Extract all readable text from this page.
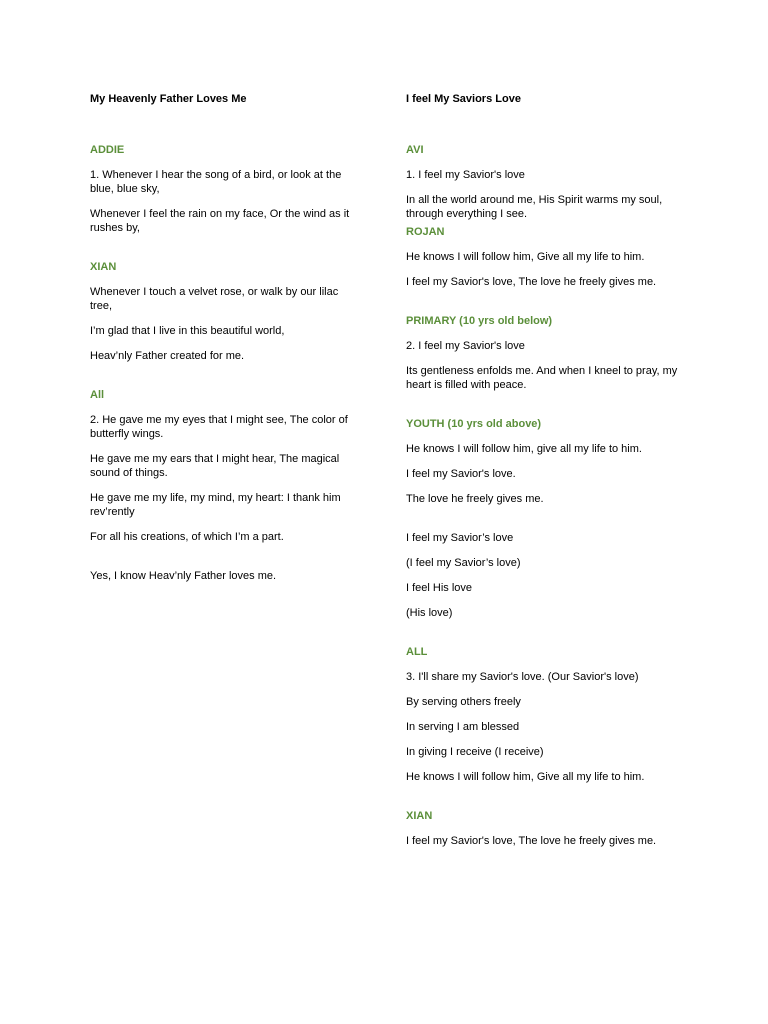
My Heavenly Father Loves Me
ADDIE
1. Whenever I hear the song of a bird, or look at the blue, blue sky,
Whenever I feel the rain on my face, Or the wind as it rushes by,
XIAN
Whenever I touch a velvet rose, or walk by our lilac tree,
I’m glad that I live in this beautiful world,
Heav’nly Father created for me.
All
2. He gave me my eyes that I might see, The color of butterfly wings.
He gave me my ears that I might hear, The magical sound of things.
He gave me my life, my mind, my heart: I thank him rev’rently
For all his creations, of which I’m a part.
Yes, I know Heav’nly Father loves me.
I feel My Saviors Love
AVI
1. I feel my Savior's love
In all the world around me, His Spirit warms my soul, through everything I see.
ROJAN
He knows I will follow him, Give all my life to him.
I feel my Savior's love, The love he freely gives me.
PRIMARY (10 yrs old below)
2. I feel my Savior's love
Its gentleness enfolds me. And when I kneel to pray, my heart is filled with peace.
YOUTH (10 yrs old above)
He knows I will follow him, give all my life to him.
I feel my Savior's love.
The love he freely gives me.
I feel my Savior’s love
(I feel my Savior’s love)
I feel His love
(His love)
ALL
3. I'll share my Savior's love. (Our Savior's love)
By serving others freely
In serving I am blessed
In giving I receive (I receive)
He knows I will follow him, Give all my life to him.
XIAN
I feel my Savior's love, The love he freely gives me.
